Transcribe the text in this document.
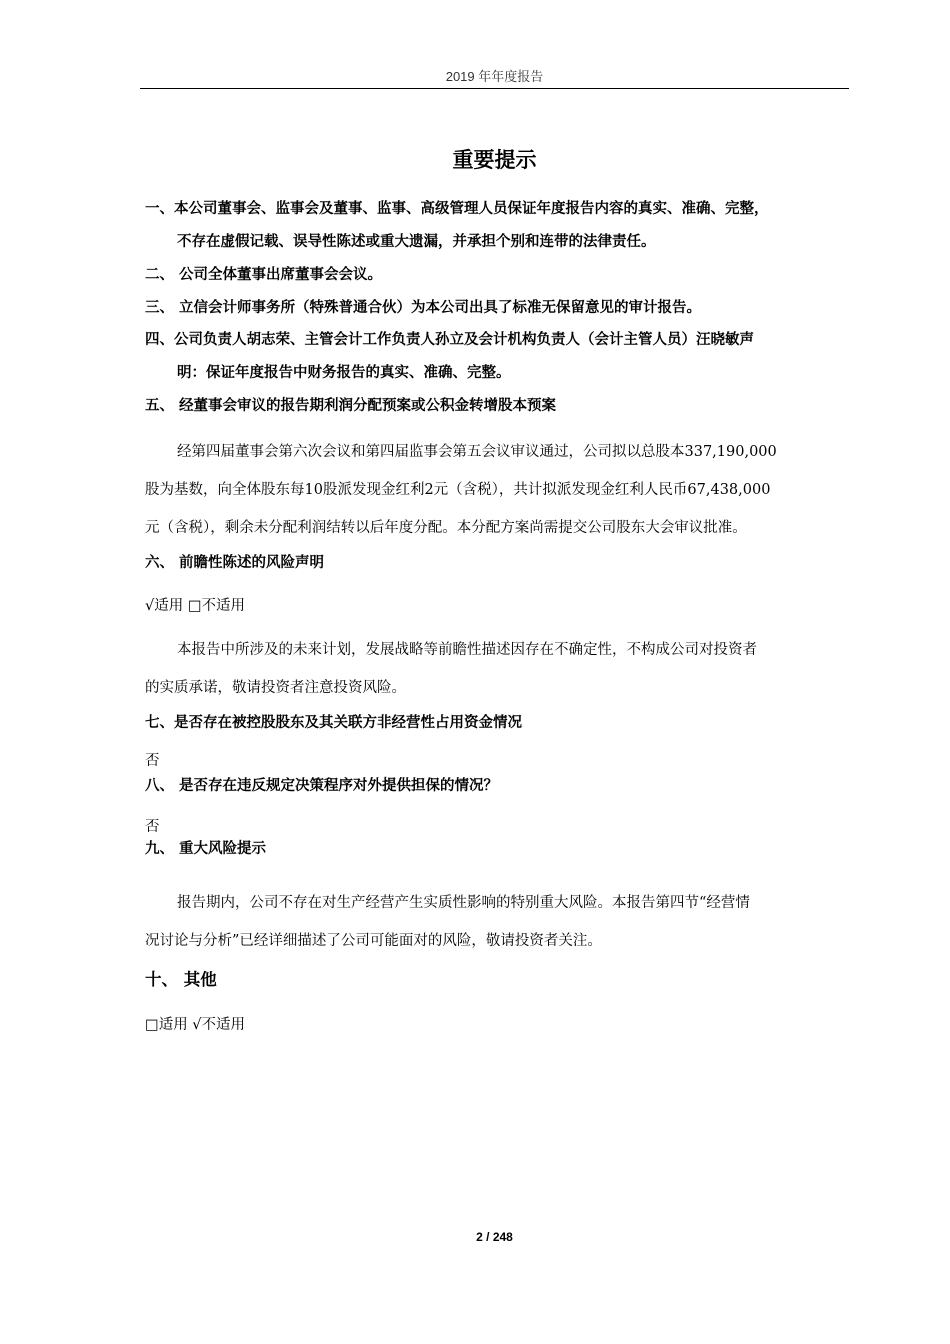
2019 年年度报告
重要提示
一、本公司董事会、监事会及董事、监事、高级管理人员保证年度报告内容的真实、准确、完整，
不存在虚假记载、误导性陈述或重大遗漏，并承担个别和连带的法律责任。
二、 公司全体董事出席董事会会议。
三、 立信会计师事务所（特殊普通合伙）为本公司出具了标准无保留意见的审计报告。
四、公司负责人胡志荣、主管会计工作负责人孙立及会计机构负责人（会计主管人员）汪晓敏声
明：保证年度报告中财务报告的真实、准确、完整。
五、 经董事会审议的报告期利润分配预案或公积金转增股本预案
经第四届董事会第六次会议和第四届监事会第五会议审议通过，公司拟以总股本337,190,000
股为基数，向全体股东每10股派发现金红利2元（含税），共计拟派发现金红利人民币67,438,000
元（含税），剩余未分配利润结转以后年度分配。本分配方案尚需提交公司股东大会审议批准。
六、 前瞻性陈述的风险声明
√适用 □不适用
本报告中所涉及的未来计划，发展战略等前瞻性描述因存在不确定性，不构成公司对投资者
的实质承诺，敬请投资者注意投资风险。
七、是否存在被控股股东及其关联方非经营性占用资金情况
否
八、 是否存在违反规定决策程序对外提供担保的情况？
否
九、 重大风险提示
报告期内，公司不存在对生产经营产生实质性影响的特别重大风险。本报告第四节“经营情
况讨论与分析”已经详细描述了公司可能面对的风险，敬请投资者关注。
十、 其他
□适用 √不适用
2 / 248
